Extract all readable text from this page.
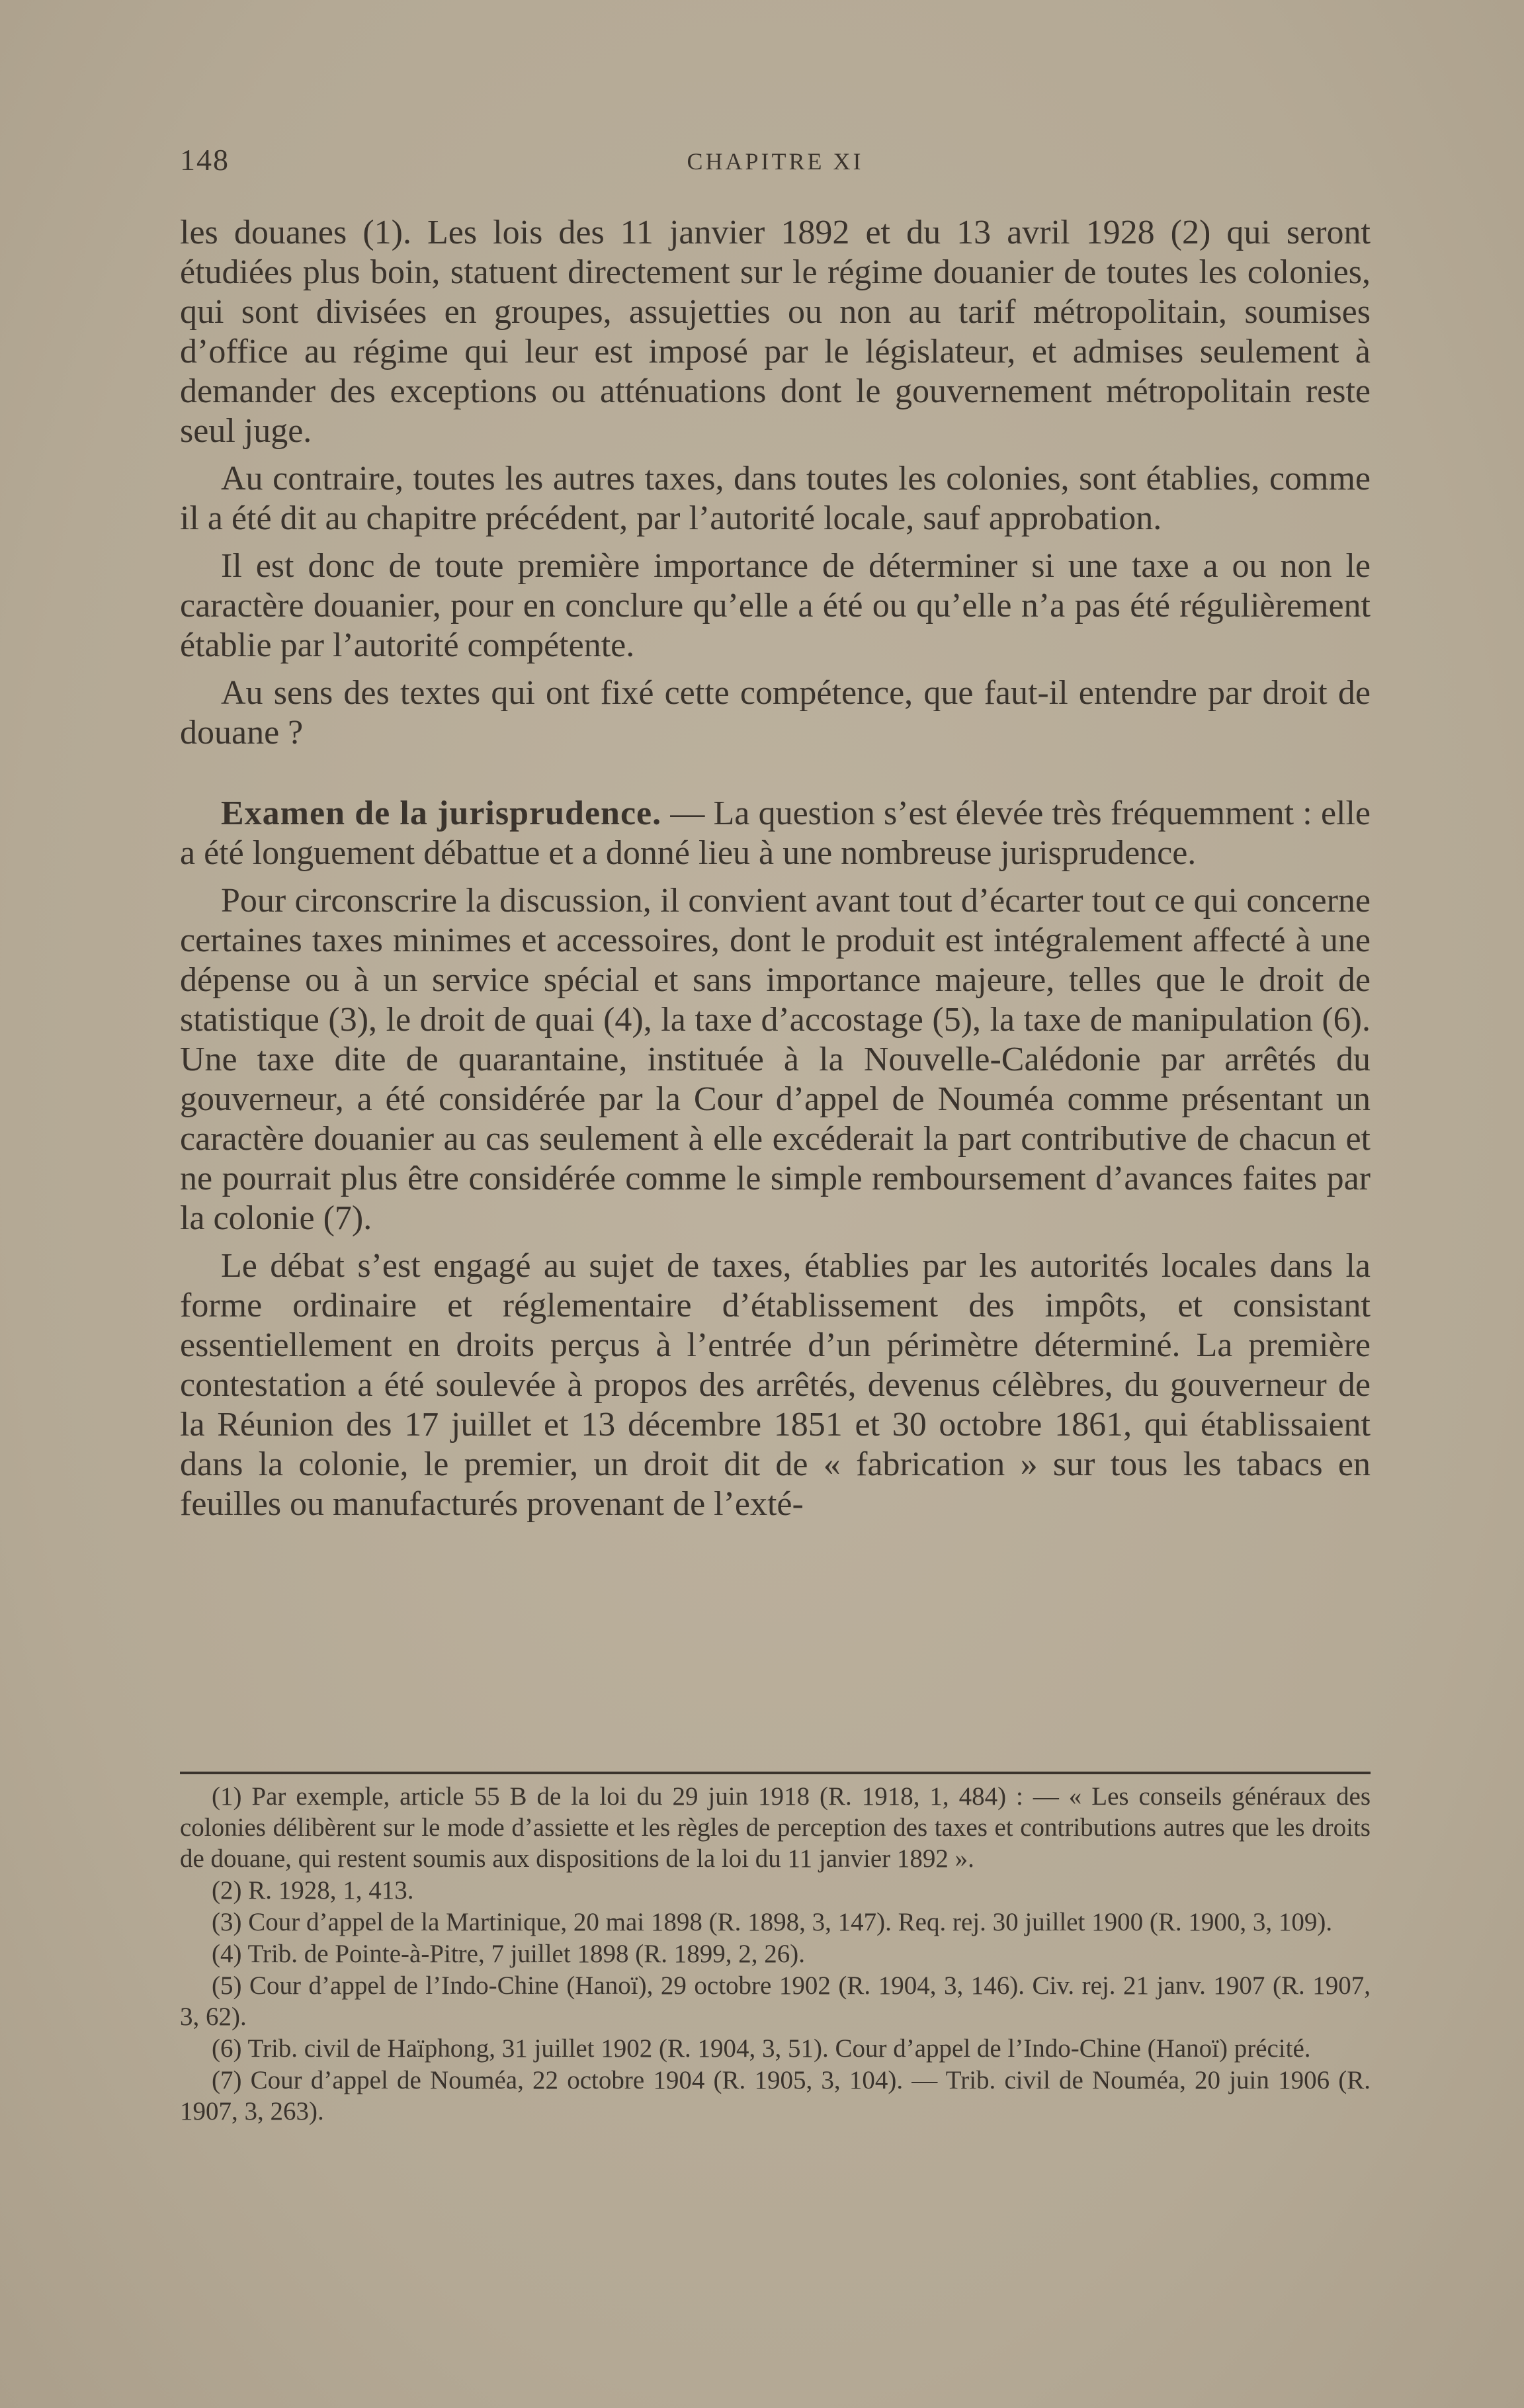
148	CHAPITRE XI

les douanes (1). Les lois des 11 janvier 1892 et du 13 avril 1928 (2) qui seront étudiées plus boin, statuent directement sur le régime douanier de toutes les colonies, qui sont divisées en groupes, assujetties ou non au tarif métropolitain, soumises d’office au régime qui leur est imposé par le législateur, et admises seulement à demander des exceptions ou atténuations dont le gouvernement métropolitain reste seul juge.

Au contraire, toutes les autres taxes, dans toutes les colonies, sont établies, comme il a été dit au chapitre précédent, par l’autorité locale, sauf approbation.

Il est donc de toute première importance de déterminer si une taxe a ou non le caractère douanier, pour en conclure qu’elle a été ou qu’elle n’a pas été régulièrement établie par l’autorité compétente.

Au sens des textes qui ont fixé cette compétence, que faut-il entendre par droit de douane ?

Examen de la jurisprudence. — La question s’est élevée très fréquemment : elle a été longuement débattue et a donné lieu à une nombreuse jurisprudence.

Pour circonscrire la discussion, il convient avant tout d’écarter tout ce qui concerne certaines taxes minimes et accessoires, dont le produit est intégralement affecté à une dépense ou à un service spécial et sans importance majeure, telles que le droit de statistique (3), le droit de quai (4), la taxe d’accostage (5), la taxe de manipulation (6). Une taxe dite de quarantaine, instituée à la Nouvelle-Calédonie par arrêtés du gouverneur, a été considérée par la Cour d’appel de Nouméa comme présentant un caractère douanier au cas seulement à elle excéderait la part contributive de chacun et ne pourrait plus être considérée comme le simple remboursement d’avances faites par la colonie (7).

Le débat s’est engagé au sujet de taxes, établies par les autorités locales dans la forme ordinaire et réglementaire d’établissement des impôts, et consistant essentiellement en droits perçus à l’entrée d’un périmètre déterminé. La première contestation a été soulevée à propos des arrêtés, devenus célèbres, du gouverneur de la Réunion des 17 juillet et 13 décembre 1851 et 30 octobre 1861, qui établissaient dans la colonie, le premier, un droit dit de « fabrication » sur tous les tabacs en feuilles ou manufacturés provenant de l’exté-

(1) Par exemple, article 55 B de la loi du 29 juin 1918 (R. 1918, 1, 484) : — « Les conseils généraux des colonies délibèrent sur le mode d’assiette et les règles de perception des taxes et contributions autres que les droits de douane, qui restent soumis aux dispositions de la loi du 11 janvier 1892 ».

(2) R. 1928, 1, 413.

(3) Cour d’appel de la Martinique, 20 mai 1898 (R. 1898, 3, 147). Req. rej. 30 juillet 1900 (R. 1900, 3, 109).

(4) Trib. de Pointe-à-Pitre, 7 juillet 1898 (R. 1899, 2, 26).

(5) Cour d’appel de l’Indo-Chine (Hanoï), 29 octobre 1902 (R. 1904, 3, 146). Civ. rej. 21 janv. 1907 (R. 1907, 3, 62).

(6) Trib. civil de Haïphong, 31 juillet 1902 (R. 1904, 3, 51). Cour d’appel de l’Indo-Chine (Hanoï) précité.

(7) Cour d’appel de Nouméa, 22 octobre 1904 (R. 1905, 3, 104). — Trib. civil de Nouméa, 20 juin 1906 (R. 1907, 3, 263).
